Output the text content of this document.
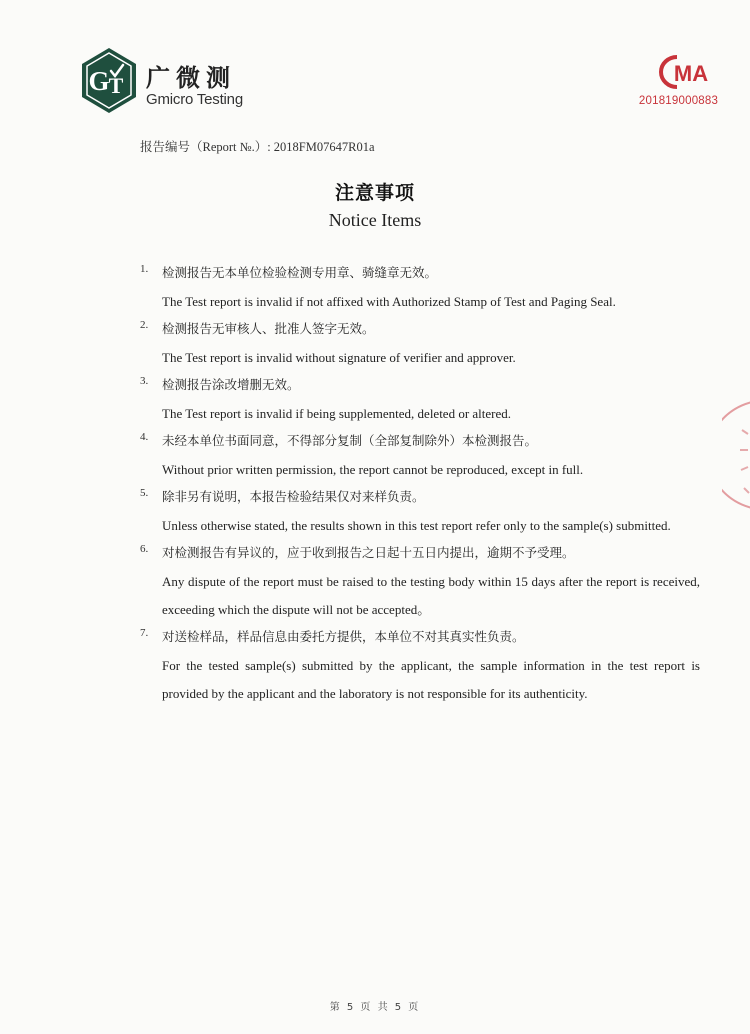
G T 广微测
Gmicro Testing
MA
201819000883
报告编号（Report №.）: 2018FM07647R01a
注意事项
Notice Items
1. 检测报告无本单位检验检测专用章、骑缝章无效。
The Test report is invalid if not affixed with Authorized Stamp of Test and Paging Seal.
2. 检测报告无审核人、批准人签字无效。
The Test report is invalid without signature of verifier and approver.
3. 检测报告涂改增删无效。
The Test report is invalid if being supplemented, deleted or altered.
4. 未经本单位书面同意，不得部分复制（全部复制除外）本检测报告。
Without prior written permission, the report cannot be reproduced, except in full.
5. 除非另有说明，本报告检验结果仅对来样负责。
Unless otherwise stated, the results shown in this test report refer only to the sample(s) submitted.
6. 对检测报告有异议的，应于收到报告之日起十五日内提出，逾期不予受理。
Any dispute of the report must be raised to the testing body within 15 days after the report is received, exceeding which the dispute will not be accepted。
7. 对送检样品，样品信息由委托方提供，本单位不对其真实性负责。
For the tested sample(s) submitted by the applicant, the sample information in the test report is provided by the applicant and the laboratory is not responsible for its authenticity.
第 5 页 共 5 页
